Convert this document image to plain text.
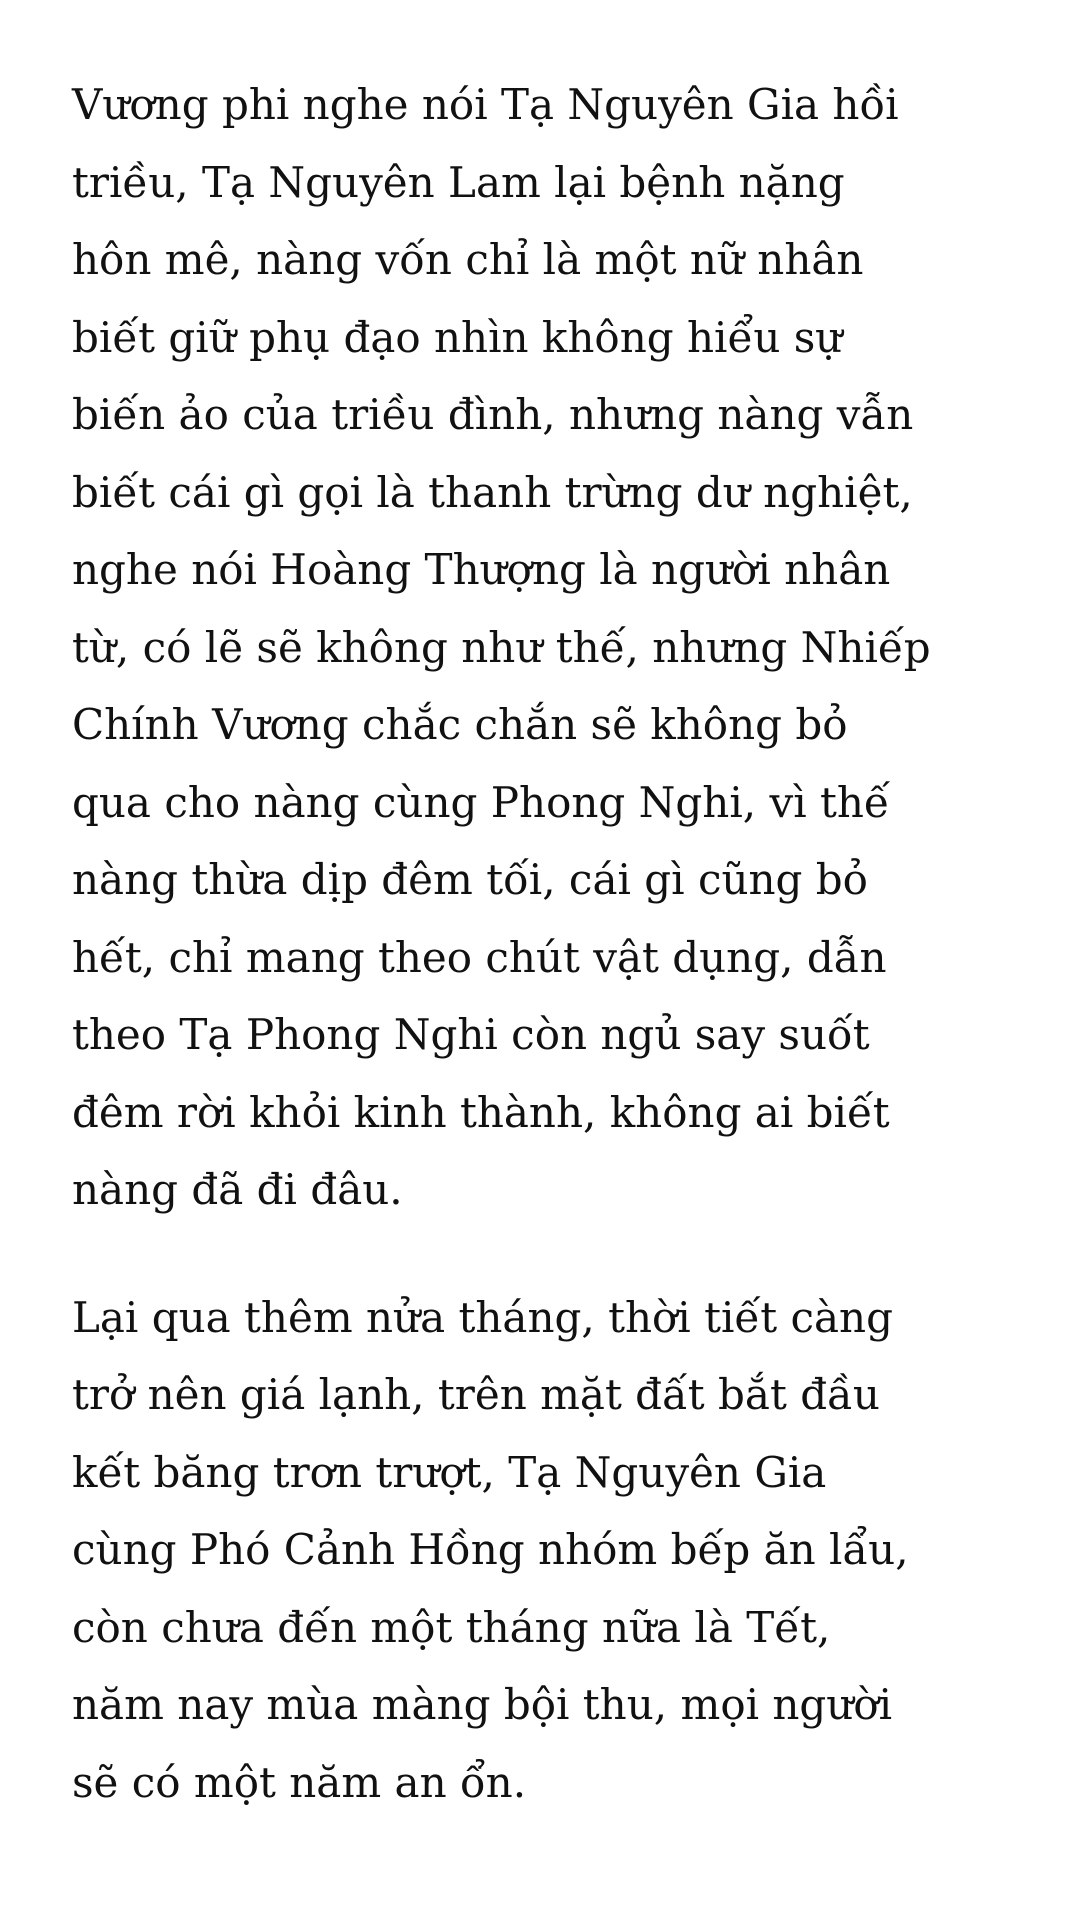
Vương phi nghe nói Tạ Nguyên Gia hồi
triều, Tạ Nguyên Lam lại bệnh nặng
hôn mê, nàng vốn chỉ là một nữ nhân
biết giữ phụ đạo nhìn không hiểu sự
biến ảo của triều đình, nhưng nàng vẫn
biết cái gì gọi là thanh trừng dư nghiệt,
nghe nói Hoàng Thượng là người nhân
từ, có lẽ sẽ không như thế, nhưng Nhiếp
Chính Vương chắc chắn sẽ không bỏ
qua cho nàng cùng Phong Nghi, vì thế
nàng thừa dịp đêm tối, cái gì cũng bỏ
hết, chỉ mang theo chút vật dụng, dẫn
theo Tạ Phong Nghi còn ngủ say suốt
đêm rời khỏi kinh thành, không ai biết
nàng đã đi đâu.

Lại qua thêm nửa tháng, thời tiết càng
trở nên giá lạnh, trên mặt đất bắt đầu
kết băng trơn trượt, Tạ Nguyên Gia
cùng Phó Cảnh Hồng nhóm bếp ăn lẩu,
còn chưa đến một tháng nữa là Tết,
năm nay mùa màng bội thu, mọi người
sẽ có một năm an ổn.
